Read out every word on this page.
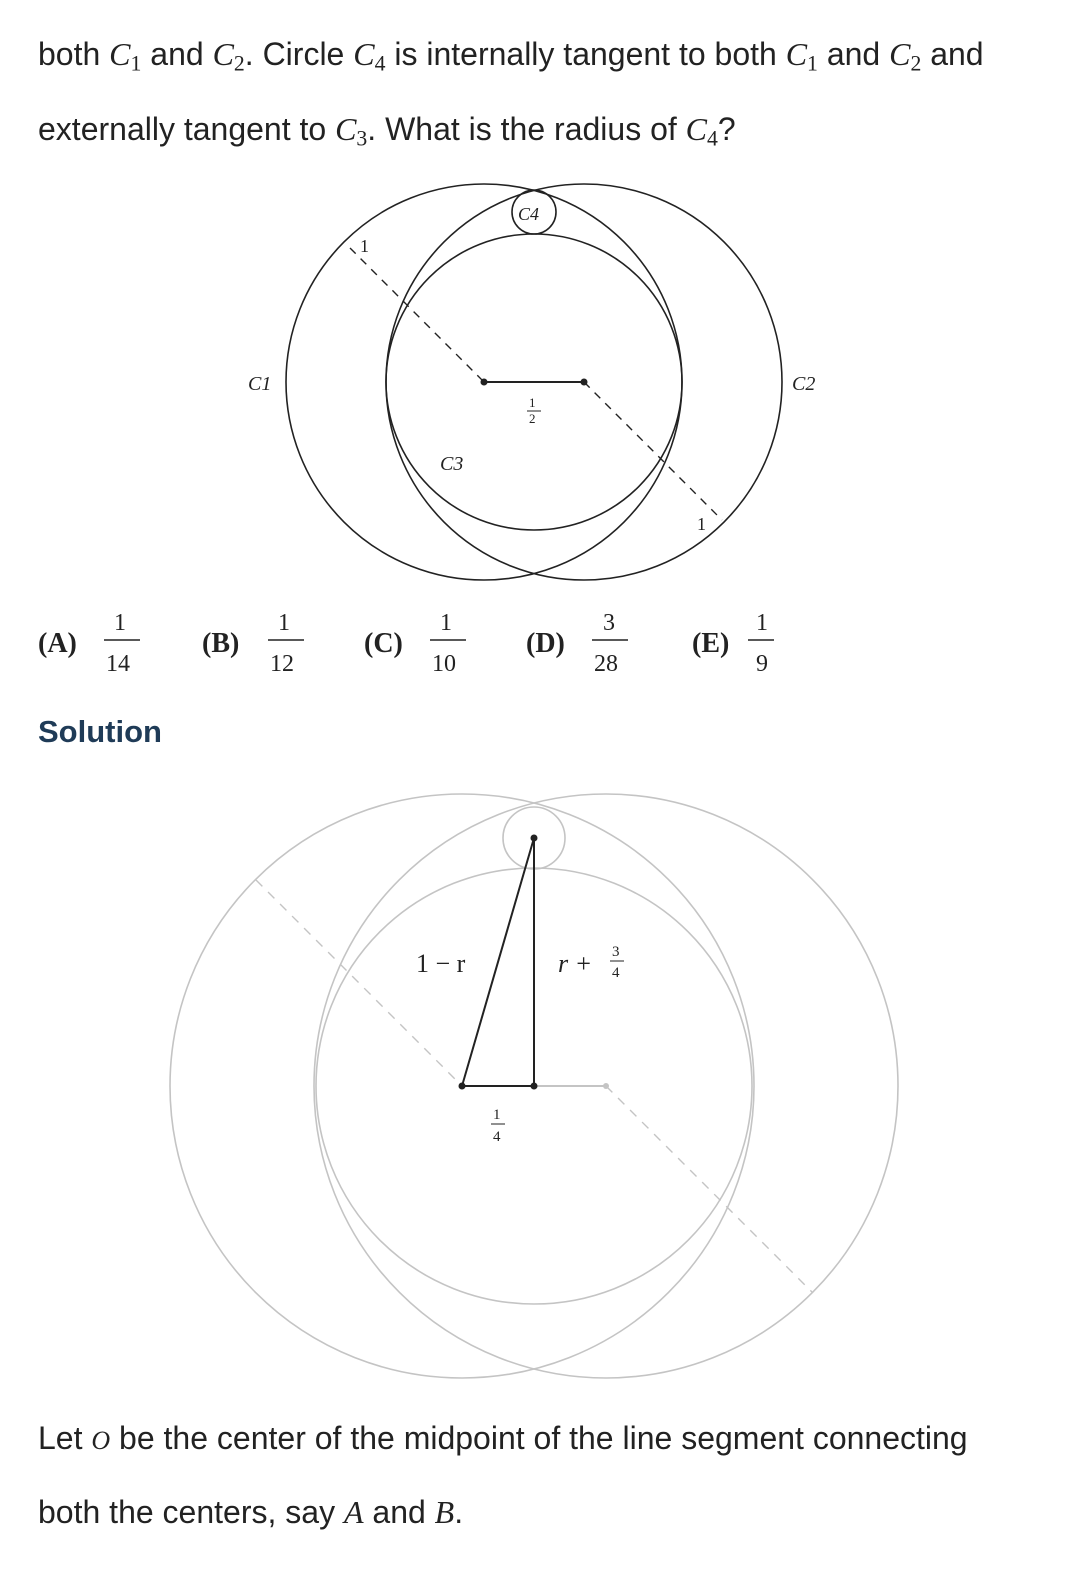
both $C_1$ and $C_2$. Circle $C_4$ is internally tangent to both $C_1$ and $C_2$ and
externally tangent to $C_3$. What is the radius of $C_4$?
C1	C2
C3
C4
1
1
1
2
(A)
1
14
(B)
1
12
(C)
1
10
(D)
3
28
(E)
1
9
Solution
1 − r	r + 3
4
1
4
Let O be the center of the midpoint of the line segment connecting
both the centers, say A and B.
